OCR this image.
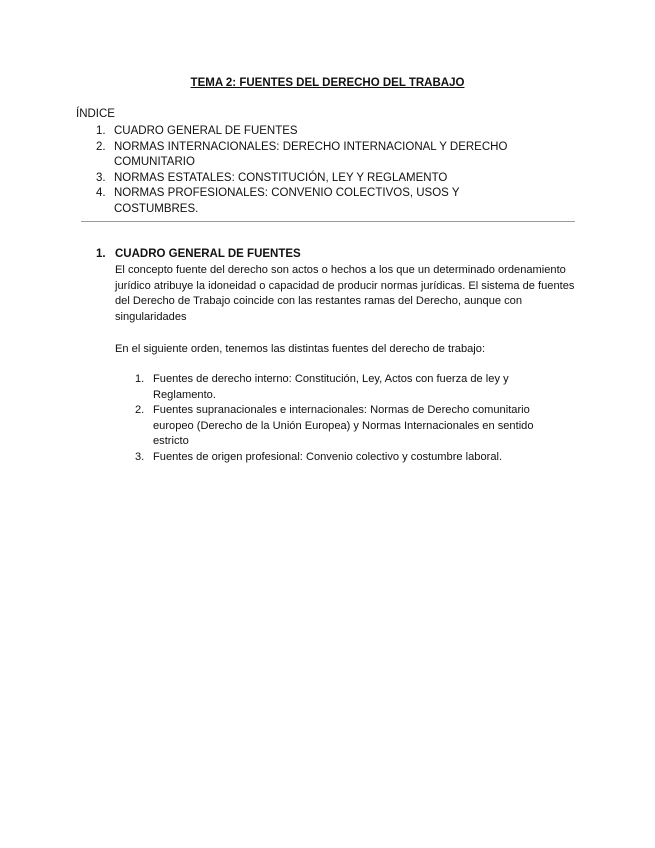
TEMA 2: FUENTES DEL DERECHO DEL TRABAJO
ÍNDICE
1. CUADRO GENERAL DE FUENTES
2. NORMAS INTERNACIONALES: DERECHO INTERNACIONAL Y DERECHO COMUNITARIO
3. NORMAS ESTATALES: CONSTITUCIÓN, LEY Y REGLAMENTO
4. NORMAS PROFESIONALES: CONVENIO COLECTIVOS, USOS Y COSTUMBRES.
1. CUADRO GENERAL DE FUENTES

El concepto fuente del derecho son actos o hechos a los que un determinado ordenamiento jurídico atribuye la idoneidad o capacidad de producir normas jurídicas. El sistema de fuentes del Derecho de Trabajo coincide con las restantes ramas del Derecho, aunque con singularidades

En el siguiente orden, tenemos las distintas fuentes del derecho de trabajo:

1. Fuentes de derecho interno: Constitución, Ley, Actos con fuerza de ley y Reglamento.
2. Fuentes supranacionales e internacionales: Normas de Derecho comunitario europeo (Derecho de la Unión Europea) y Normas Internacionales en sentido estricto
3. Fuentes de origen profesional: Convenio colectivo y costumbre laboral.
